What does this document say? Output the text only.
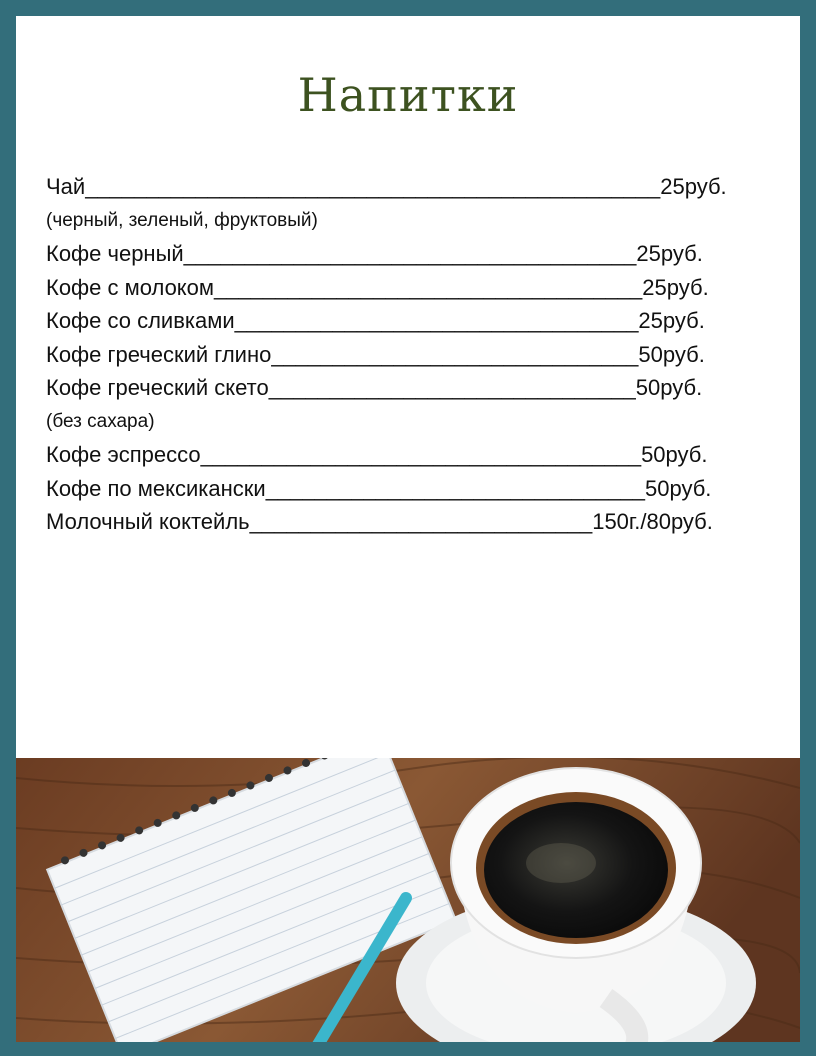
Напитки
Чай_______________________________________________25руб.
(черный, зеленый, фруктовый)
Кофе черный_____________________________________25руб.
Кофе с молоком___________________________________25руб.
Кофе со сливками_________________________________25руб.
Кофе греческий глино______________________________50руб.
Кофе греческий скето______________________________50руб.
(без сахара)
Кофе эспрессо____________________________________50руб.
Кофе по мексикански_______________________________50руб.
Молочный коктейль____________________________150г./80руб.
